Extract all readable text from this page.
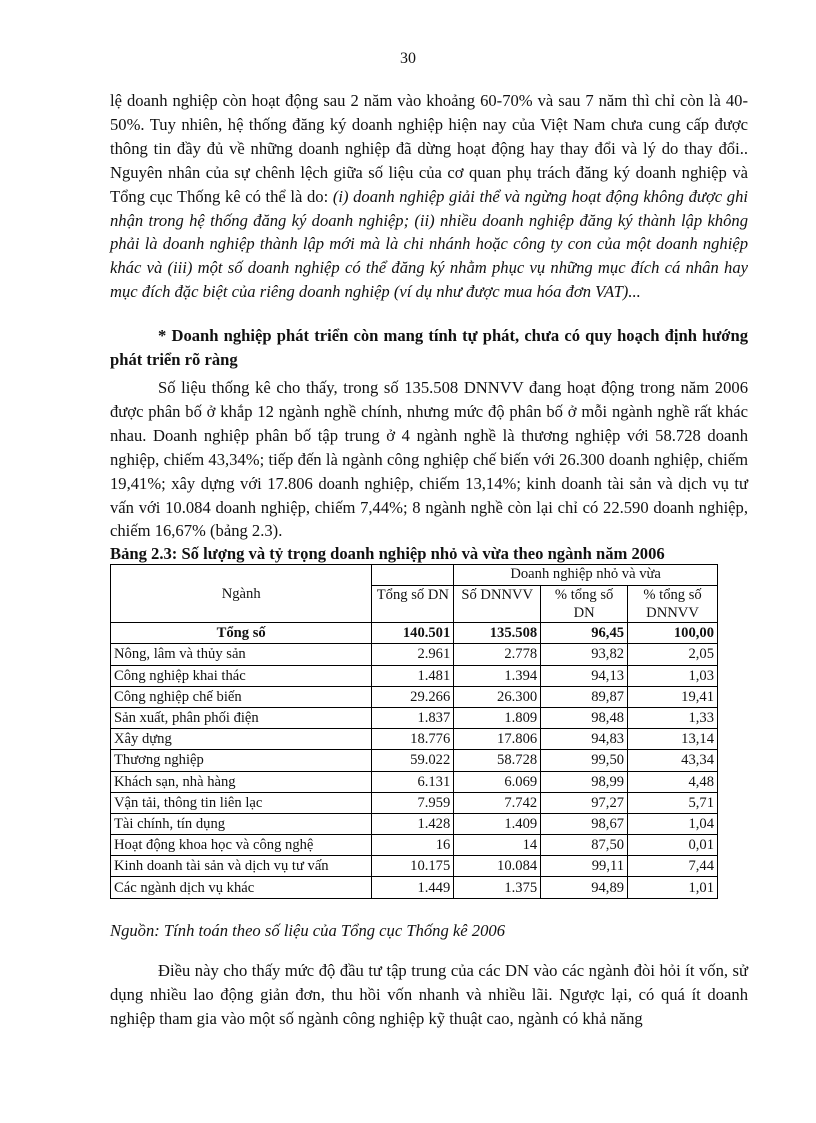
30
lệ doanh nghiệp còn hoạt động sau 2 năm vào khoảng 60-70% và sau 7 năm thì chỉ còn là 40-50%. Tuy nhiên, hệ thống đăng ký doanh nghiệp hiện nay của Việt Nam chưa cung cấp được thông tin đầy đủ về những doanh nghiệp đã dừng hoạt động hay thay đổi và lý do thay đổi.. Nguyên nhân của sự chênh lệch giữa số liệu của cơ quan phụ trách đăng ký doanh nghiệp và Tổng cục Thống kê có thể là do: (i) doanh nghiệp giải thể và ngừng hoạt động không được ghi nhận trong hệ thống đăng ký doanh nghiệp; (ii) nhiều doanh nghiệp đăng ký thành lập không phải là doanh nghiệp thành lập mới mà là chi nhánh hoặc công ty con của một doanh nghiệp khác và (iii) một số doanh nghiệp có thể đăng ký nhằm phục vụ những mục đích cá nhân hay mục đích đặc biệt của riêng doanh nghiệp (ví dụ như được mua hóa đơn VAT)...
* Doanh nghiệp phát triển còn mang tính tự phát, chưa có quy hoạch định hướng phát triển rõ ràng
Số liệu thống kê cho thấy, trong số 135.508 DNNVV đang hoạt động trong năm 2006 được phân bố ở khắp 12 ngành nghề chính, nhưng mức độ phân bố ở mỗi ngành nghề rất khác nhau. Doanh nghiệp phân bố tập trung ở 4 ngành nghề là thương nghiệp với 58.728 doanh nghiệp, chiếm 43,34%; tiếp đến là ngành công nghiệp chế biến với 26.300 doanh nghiệp, chiếm 19,41%; xây dựng với 17.806 doanh nghiệp, chiếm 13,14%; kinh doanh tài sản và dịch vụ tư vấn với 10.084 doanh nghiệp, chiếm 7,44%; 8 ngành nghề còn lại chỉ có 22.590 doanh nghiệp, chiếm 16,67% (bảng 2.3).
Bảng 2.3: Số lượng và tỷ trọng doanh nghiệp nhỏ và vừa theo ngành năm 2006
Ngành		Doanh nghiệp nhỏ và vừa		
	Tổng số DN	Số DNNVV	% tổng số DN	% tổng số DNNVV
Tổng số	140.501	135.508	96,45	100,00
Nông, lâm và thủy sản	2.961	2.778	93,82	2,05
Công nghiệp khai thác	1.481	1.394	94,13	1,03
Công nghiệp chế biến	29.266	26.300	89,87	19,41
Sản xuất, phân phối điện	1.837	1.809	98,48	1,33
Xây dựng	18.776	17.806	94,83	13,14
Thương nghiệp	59.022	58.728	99,50	43,34
Khách sạn, nhà hàng	6.131	6.069	98,99	4,48
Vận tải, thông tin liên lạc	7.959	7.742	97,27	5,71
Tài chính, tín dụng	1.428	1.409	98,67	1,04
Hoạt động khoa học và công nghệ	16	14	87,50	0,01
Kinh doanh tài sản và dịch vụ tư vấn	10.175	10.084	99,11	7,44
Các ngành dịch vụ khác	1.449	1.375	94,89	1,01
Nguồn: Tính toán theo số liệu của Tổng cục Thống kê 2006
Điều này cho thấy mức độ đầu tư tập trung của các DN vào các ngành đòi hỏi ít vốn, sử dụng nhiều lao động giản đơn, thu hồi vốn nhanh và nhiều lãi. Ngược lại, có quá ít doanh nghiệp tham gia vào một số ngành công nghiệp kỹ thuật cao, ngành có khả năng
